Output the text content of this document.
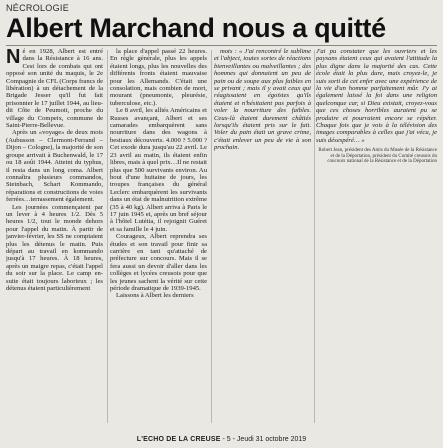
NÉCROLOGIE
Albert Marchand nous a quitté

Né en 1928, Albert est entré dans la Résistance à 16 ans. Cest lors de combats qui ont opposé son unité du maquis, le 2e Compagnie de CFL (Corps francs de libération) à un détachement de la Brigade Jesser qu'il fut fait prisonnier le 17 juillet 1944, au lieu-dit Côte de Peumoit, proche du village du Compeix, commune de Saint-Pierre-Bellevue.

Après un «voyage» de deux mois (Aubusson – Clermont-Ferrand – Dijon – Cologne), la majorité de son groupe arrivait à Buchenwald, le 17 ou 18 août 1944. Atteint du typhus, il resta dans un long coma. Albert connaîtra plusieurs commandos, Steinbach, Schart Kommando, réparations et constructions de voies ferrées…terrassement également.

Les journées commençaient par un lever à 4 heures 1/2. Dès 5 heures 1/2, tout le monde dehors pour l'appel du matin. À partir de janvier-février, les SS ne comptaient plus les détenus le matin. Puis départ au travail en kommando jusqu'à 17 heures. À 18 heures, après un maigre repas, c'était l'appel du soir sur la place. Le camp en-suite était toujours laborieux ; les détenus étaient particulièrement

la place d'appel passé 22 heures. En règle générale, plus les appels étaient longs, plus les nouvelles des différents fronts étaient mauvaise pour les Allemands. C'était une consolation, mais combien de mort, mourant (pneumonie, pleurésie, tuberculose, etc.).

Le 8 avril, les alliés Américains et Russes avançant, Albert et ses camarades embarquèrent sans nourriture dans des wagons à bestiaux découverts. 4.000 ? 5.000 ? Cet exode dura jusqu'au 22 avril. Le 23 avril au matin, ils étaient enfin libres, mais à quel prix…Il ne restait plus que 500 survivants environ. Au bout d'une huitaine de jours, les troupes françaises du général Leclerc embarquèrent les survivants dans un état de malnutrition extrême (35 à 40 kg). Albert arriva à Paris le 17 juin 1945 et, après un bref séjour à l'hôtel Lutétia, il rejoignit Guéret et sa famille le 4 juin.

Courageux, Albert reprendra ses études et son travail pour finir sa carrière en tant qu'attaché de préfecture sur concours. Mais il se fera aussi un devoir d'aller dans les collèges et lycées creusois pour que les jeunes sachent la vérité sur cette période dramatique de 1939-1945.

Laissons à Albert les derniers

mots : « J'ai rencontré le sublime et l'abject, toutes sortes de réactions bienveillantes ou malveillantes ; des hommes qui donnaient un peu de pain ou de soupe aux plus faibles en se privant ; mais il y avait ceux qui réagissaient en égoïstes qu'ils étaient et n'hésitaient pas parfois à voler la nourriture des faibles. Ceux-là étaient durement châtiés lorsqu'ils étaient pris sur le fait. Voler du pain était un grave crime, c'était enlever un peu de vie à son prochain.

J'ai pu constater que les ouvriers et les paysans étaient ceux qui avaient l'attitude la plus digne dans la majorité des cas. Cette école était la plus dure, mais croyez-le, je suis sorti de cet enfer avec une expérience de la vie d'un homme parfaitement mûr. J'y ai également laissé la foi dans une religion quelconque car, si Dieu existait, croyez-vous que ces choses horribles auraient pu se produire et pourraient encore se répéter. Chaque fois que je vois à la télévision des images comparables à celles que j'ai vécu, je suis désespéré… »

Robert Jean, président des Amis du Musée de la Résistance et de la Déportation, président du Comité creusois du concours national de la Résistance et de la Déportation
L'ECHO DE LA CREUSE - 5 - Jeudi 31 octobre 2019
